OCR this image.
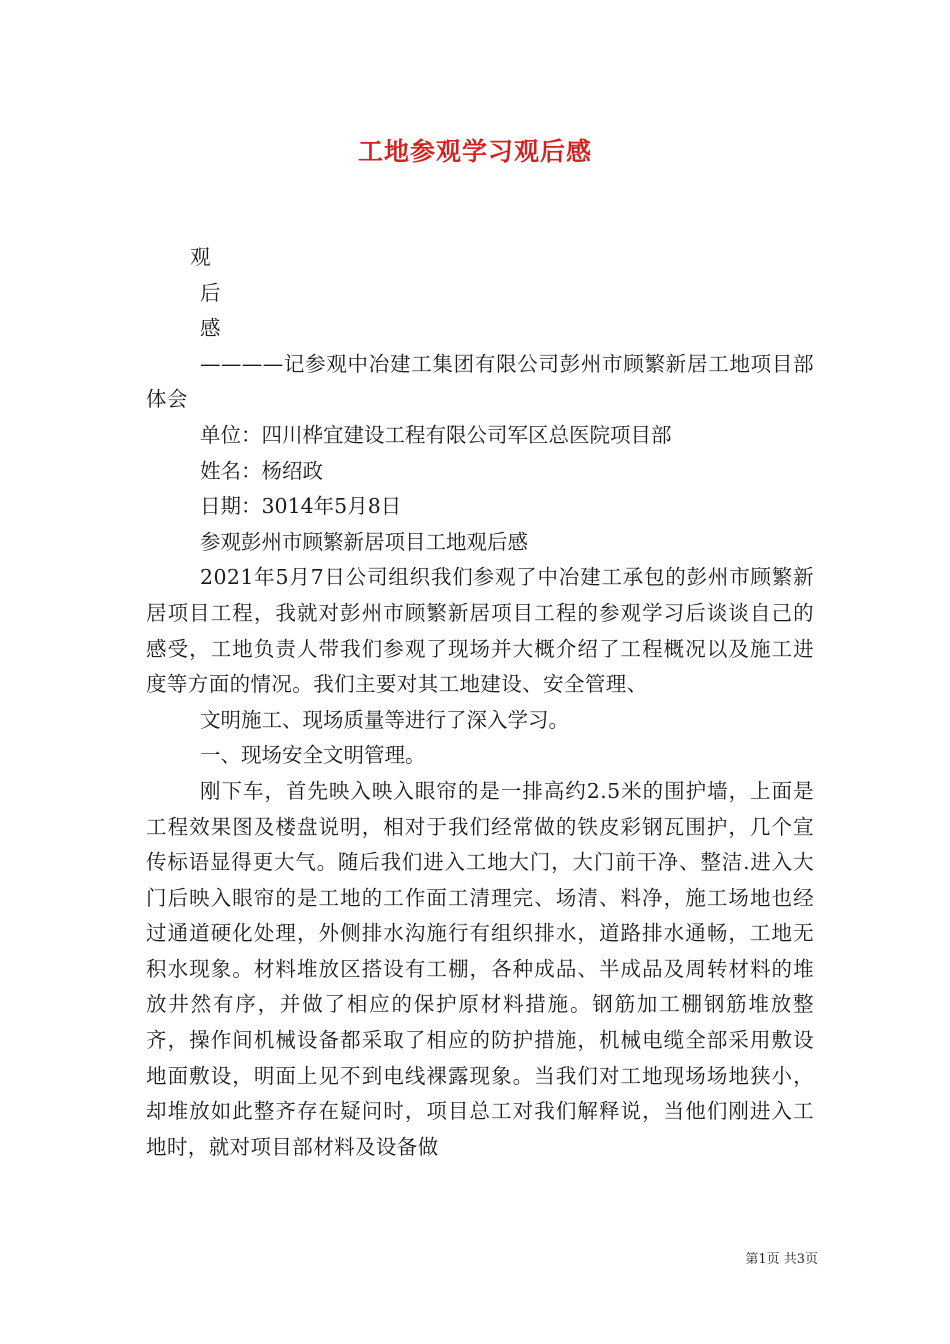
工地参观学习观后感

观

后

感

————记参观中冶建工集团有限公司彭州市顾繁新居工地项目部体会

单位：四川桦宜建设工程有限公司军区总医院项目部

姓名：杨绍政

日期：3014年5月8日

参观彭州市顾繁新居项目工地观后感

2021年5月7日公司组织我们参观了中冶建工承包的彭州市顾繁新居项目工程，我就对彭州市顾繁新居项目工程的参观学习后谈谈自己的感受，工地负责人带我们参观了现场并大概介绍了工程概况以及施工进度等方面的情况。我们主要对其工地建设、安全管理、

文明施工、现场质量等进行了深入学习。

一、现场安全文明管理。

刚下车，首先映入映入眼帘的是一排高约2.5米的围护墙，上面是工程效果图及楼盘说明，相对于我们经常做的铁皮彩钢瓦围护，几个宣传标语显得更大气。随后我们进入工地大门，大门前干净、整洁.进入大门后映入眼帘的是工地的工作面工清理完、场清、料净，施工场地也经过通道硬化处理，外侧排水沟施行有组织排水，道路排水通畅，工地无积水现象。材料堆放区搭设有工棚，各种成品、半成品及周转材料的堆放井然有序，并做了相应的保护原材料措施。钢筋加工棚钢筋堆放整齐，操作间机械设备都采取了相应的防护措施，机械电缆全部采用敷设地面敷设，明面上见不到电线裸露现象。当我们对工地现场场地狭小，却堆放如此整齐存在疑问时，项目总工对我们解释说，当他们刚进入工地时，就对项目部材料及设备做

第1页 共3页
